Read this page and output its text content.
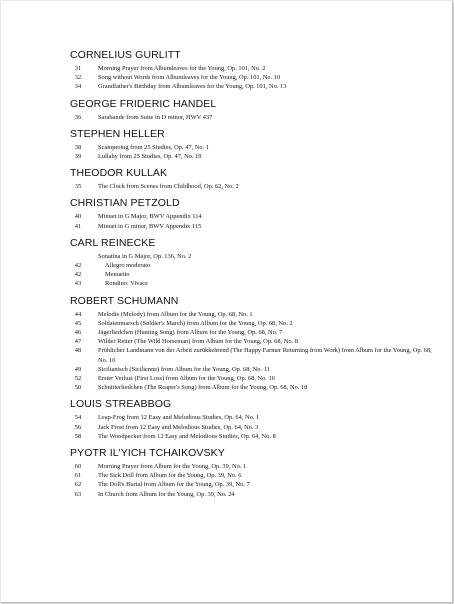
CORNELIUS GURLITT
31	Morning Prayer from Albumleaves for the Young, Op. 101, No. 2
32	Song without Words from Albumleaves for the Young, Op. 101, No. 10
34	Grandfather's Birthday from Albumleaves for the Young, Op. 101, No. 13
GEORGE FRIDERIC HANDEL
36	Sarabande from Suite in D minor, HWV 437
STEPHEN HELLER
38	Scampering from 25 Studies, Op. 47, No. 1
39	Lullaby from 25 Studies, Op. 47, No. 19
THEODOR KULLAK
35	The Clock from Scenes from Childhood, Op. 62, No. 2
CHRISTIAN PETZOLD
40	Minuet in G Major, BWV Appendix 114
41	Minuet in G minor, BWV Appendix 115
CARL REINECKE
Sonatina in G Major, Op. 136, No. 2
42	Allegro moderato
42	Menuetto
43	Rondino: Vivace
ROBERT SCHUMANN
44	Melodie (Melody) from Album for the Young, Op. 68, No. 1
45	Soldatenmarsch (Soldier's March) from Album for the Young, Op. 68, No. 2
46	Jägerliedchen (Hunting Song) from Album for the Young, Op. 68, No. 7
47	Wilder Reiter (The Wild Horseman) from Album for the Young, Op. 68, No. 8
48	Fröhlicher Landmann von der Arbeit zurükkehrend (The Happy Farmer Returning from Work) from Album for the Young, Op. 68, No. 10
49	Sicilianisch (Sicilienne) from Album for the Young, Op. 68, No. 11
52	Erster Verlust (First Loss) from Album for the Young, Op. 68, No. 16
50	Schnitterliedchen (The Reaper's Song) from Album for the Young, Op. 68, No. 18
LOUIS STREABBOG
54	Leap-Frog from 12 Easy and Melodious Studies, Op. 64, No. 1
56	Jack Frost from 12 Easy and Melodious Studies, Op. 64, No. 3
58	The Woodpecker from 12 Easy and Melodious Studies, Op. 64, No. 8
PYOTR IL'YICH TCHAIKOVSKY
60	Morning Prayer from Album for the Young, Op. 39, No. 1
61	The Sick Doll from Album for the Young, Op. 39, No. 6
62	The Doll's Burial from Album for the Young, Op. 39, No. 7
63	In Church from Album for the Young, Op. 39, No. 24
